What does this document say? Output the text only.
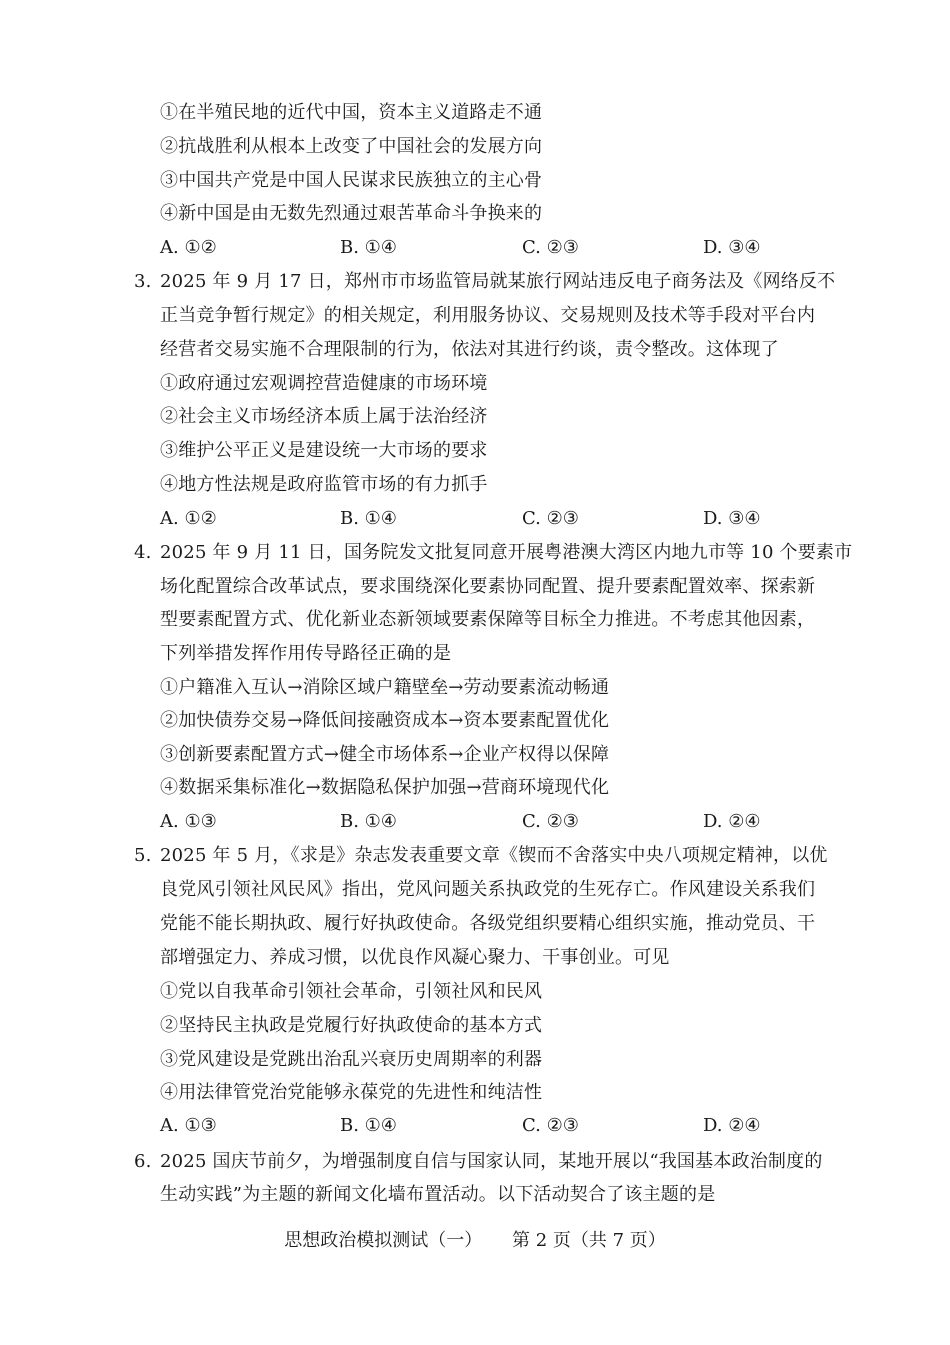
①在半殖民地的近代中国，资本主义道路走不通
②抗战胜利从根本上改变了中国社会的发展方向
③中国共产党是中国人民谋求民族独立的主心骨
④新中国是由无数先烈通过艰苦革命斗争换来的
A. ①②	B. ①④	C. ②③	D. ③④
3. 2025 年 9 月 17 日，郑州市市场监管局就某旅行网站违反电子商务法及《网络反不
正当竞争暂行规定》的相关规定，利用服务协议、交易规则及技术等手段对平台内
经营者交易实施不合理限制的行为，依法对其进行约谈，责令整改。这体现了
①政府通过宏观调控营造健康的市场环境
②社会主义市场经济本质上属于法治经济
③维护公平正义是建设统一大市场的要求
④地方性法规是政府监管市场的有力抓手
A. ①②	B. ①④	C. ②③	D. ③④
4. 2025 年 9 月 11 日，国务院发文批复同意开展粤港澳大湾区内地九市等 10 个要素市
场化配置综合改革试点，要求围绕深化要素协同配置、提升要素配置效率、探索新
型要素配置方式、优化新业态新领域要素保障等目标全力推进。不考虑其他因素，
下列举措发挥作用传导路径正确的是
①户籍准入互认→消除区域户籍壁垒→劳动要素流动畅通
②加快债券交易→降低间接融资成本→资本要素配置优化
③创新要素配置方式→健全市场体系→企业产权得以保障
④数据采集标准化→数据隐私保护加强→营商环境现代化
A. ①③	B. ①④	C. ②③	D. ②④
5. 2025 年 5 月，《求是》杂志发表重要文章《锲而不舍落实中央八项规定精神，以优
良党风引领社风民风》指出，党风问题关系执政党的生死存亡。作风建设关系我们
党能不能长期执政、履行好执政使命。各级党组织要精心组织实施，推动党员、干
部增强定力、养成习惯，以优良作风凝心聚力、干事创业。可见
①党以自我革命引领社会革命，引领社风和民风
②坚持民主执政是党履行好执政使命的基本方式
③党风建设是党跳出治乱兴衰历史周期率的利器
④用法律管党治党能够永葆党的先进性和纯洁性
A. ①③	B. ①④	C. ②③	D. ②④
6. 2025 国庆节前夕，为增强制度自信与国家认同，某地开展以“我国基本政治制度的
生动实践”为主题的新闻文化墙布置活动。以下活动契合了该主题的是
思想政治模拟测试（一） 第 2 页（共 7 页）
